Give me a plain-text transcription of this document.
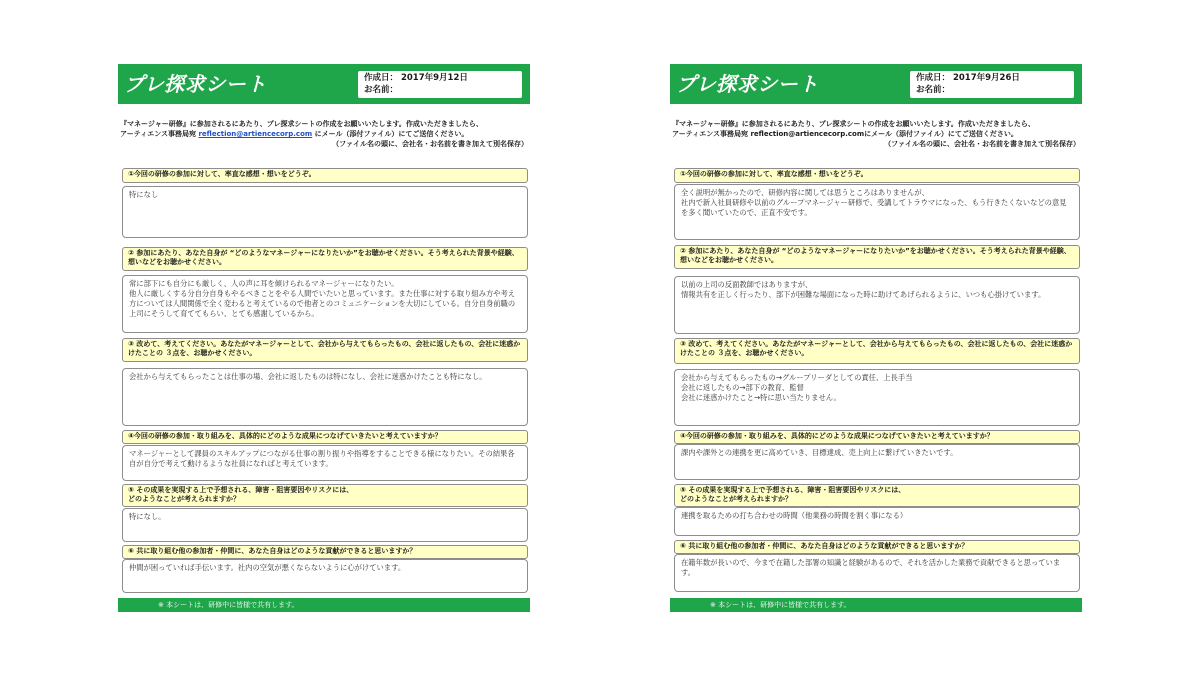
プレ探求シート	作成日： 2017年9月12日
お名前：
『マネージャー研修』に参加されるにあたり、プレ探求シートの作成をお願いいたします。作成いただきましたら、
アーティエンス事務局宛 reflection@artiencecorp.com にメール（添付ファイル）にてご送信ください。
（ファイル名の頭に、会社名・お名前を書き加えて別名保存）
①今回の研修の参加に対して、率直な感想・想いをどうぞ。
特になし
② 参加にあたり、あなた自身が “どのようなマネージャーになりたいか”をお聴かせください。そう考えられた背景や経験、想いなどをお聴かせください。
常に部下にも自分にも厳しく、人の声に耳を傾けられるマネージャーになりたい。
他人に厳しくする分自分自身もやるべきことをやる人間でいたいと思っています。また仕事に対する取り組み方や考え方については人間関係で全く変わると考えているので他者とのコミュニケーションを大切にしている。自分自身前職の上司にそうして育ててもらい、とても感謝しているから。
③ 改めて、考えてください。あなたがマネージャーとして、会社から与えてもらったもの、会社に返したもの、会社に迷惑かけたことの ３点を、お聴かせください。
会社から与えてもらったことは仕事の場、会社に返したものは特になし、会社に迷惑かけたことも特になし。
④今回の研修の参加・取り組みを、具体的にどのような成果につなげていきたいと考えていますか？
マネージャーとして課員のスキルアップにつながる仕事の割り振りや指導をすることできる様になりたい。その結果各自が自分で考えて動けるような社員になればと考えています。
⑤ その成果を実現する上で予想される、障害・阻害要因やリスクには、
どのようなことが考えられますか？
特になし。
⑥ 共に取り組む他の参加者・仲間に、あなた自身はどのような貢献ができると思いますか？
仲間が困っていれば手伝います。社内の空気が悪くならないように心がけています。
※ 本シートは、研修中に皆様で共有します。
プレ探求シート	作成日： 2017年9月26日
お名前：
『マネージャー研修』に参加されるにあたり、プレ探求シートの作成をお願いいたします。作成いただきましたら、
アーティエンス事務局宛 reflection@artiencecorp.comにメール（添付ファイル）にてご送信ください。
（ファイル名の頭に、会社名・お名前を書き加えて別名保存）
①今回の研修の参加に対して、率直な感想・想いをどうぞ。
全く説明が無かったので、研修内容に関しては思うところはありませんが、
社内で新入社員研修や以前のグループマネージャー研修で、受講してトラウマになった、もう行きたくないなどの意見を多く聞いていたので、正直不安です。
② 参加にあたり、あなた自身が “どのようなマネージャーになりたいか”をお聴かせください。そう考えられた背景や経験、想いなどをお聴かせください。
以前の上司の反面教師ではありますが、
情報共有を正しく行ったり、部下が困難な場面になった時に助けてあげられるように、いつも心掛けています。
③ 改めて、考えてください。あなたがマネージャーとして、会社から与えてもらったもの、会社に返したもの、会社に迷惑かけたことの ３点を、お聴かせください。
会社から与えてもらったもの→グループリーダとしての責任、上長手当
会社に返したもの→部下の教育、監督
会社に迷惑かけたこと→特に思い当たりません。
④今回の研修の参加・取り組みを、具体的にどのような成果につなげていきたいと考えていますか？
課内や課外との連携を更に高めていき、目標達成、売上向上に繋げていきたいです。
⑤ その成果を実現する上で予想される、障害・阻害要因やリスクには、
どのようなことが考えられますか？
連携を取るための打ち合わせの時間（他業務の時間を割く事になる）
⑥ 共に取り組む他の参加者・仲間に、あなた自身はどのような貢献ができると思いますか？
在籍年数が長いので、今まで在籍した部署の知識と経験があるので、それを活かした業務で貢献できると思っています。
※ 本シートは、研修中に皆様で共有します。
